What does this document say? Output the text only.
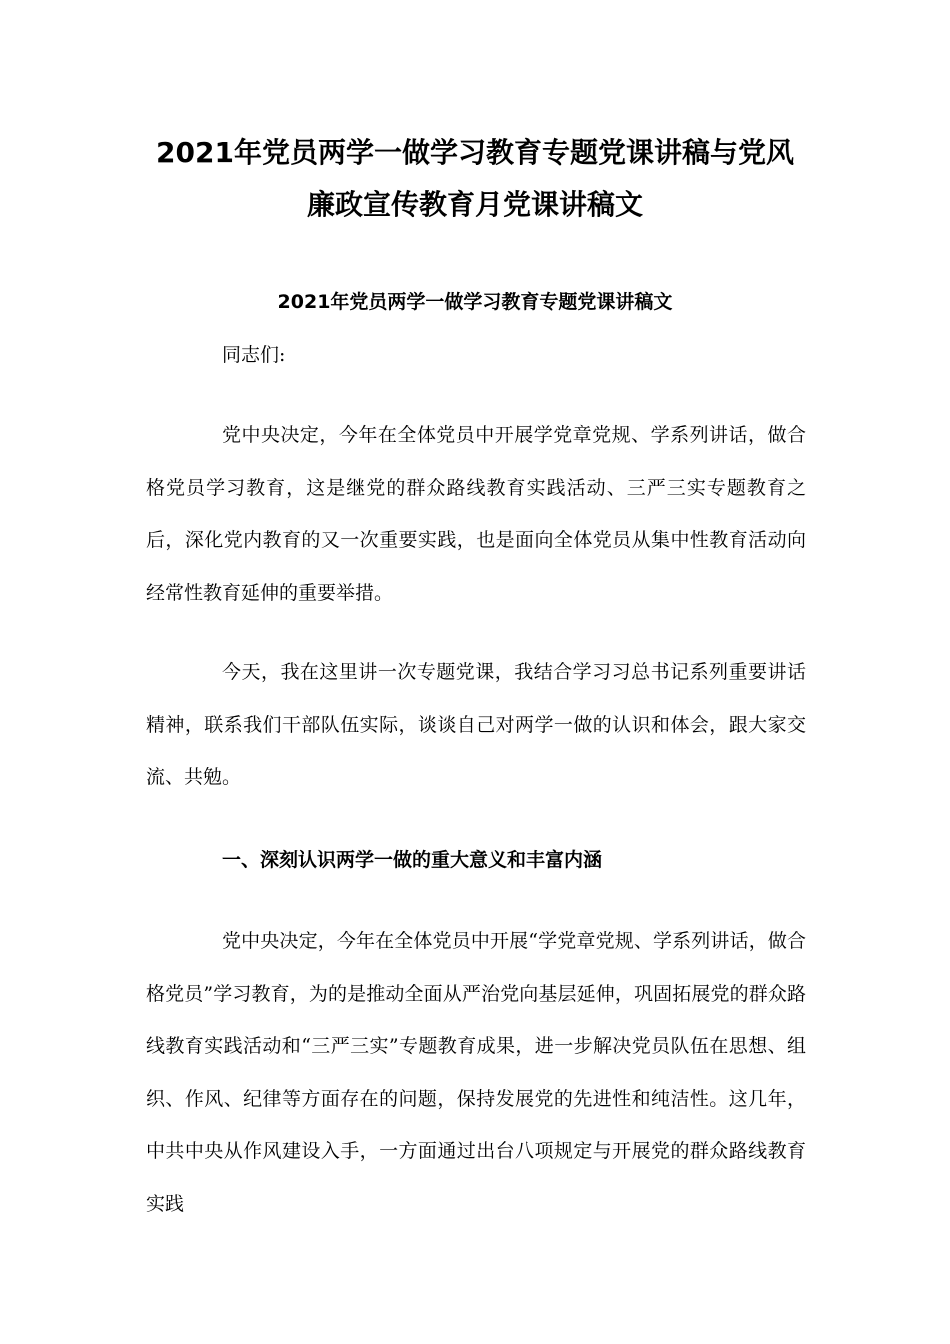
2021年党员两学一做学习教育专题党课讲稿与党风
廉政宣传教育月党课讲稿文
2021年党员两学一做学习教育专题党课讲稿文

同志们:

党中央决定，今年在全体党员中开展学党章党规、学系列讲话，做合格党员学习教育，这是继党的群众路线教育实践活动、三严三实专题教育之后，深化党内教育的又一次重要实践，也是面向全体党员从集中性教育活动向经常性教育延伸的重要举措。

今天，我在这里讲一次专题党课，我结合学习习总书记系列重要讲话精神，联系我们干部队伍实际，谈谈自己对两学一做的认识和体会，跟大家交流、共勉。

一、深刻认识两学一做的重大意义和丰富内涵

党中央决定，今年在全体党员中开展“学党章党规、学系列讲话，做合格党员”学习教育，为的是推动全面从严治党向基层延伸，巩固拓展党的群众路线教育实践活动和“三严三实”专题教育成果，进一步解决党员队伍在思想、组织、作风、纪律等方面存在的问题，保持发展党的先进性和纯洁性。这几年，中共中央从作风建设入手，一方面通过出台八项规定与开展党的群众路线教育实践
